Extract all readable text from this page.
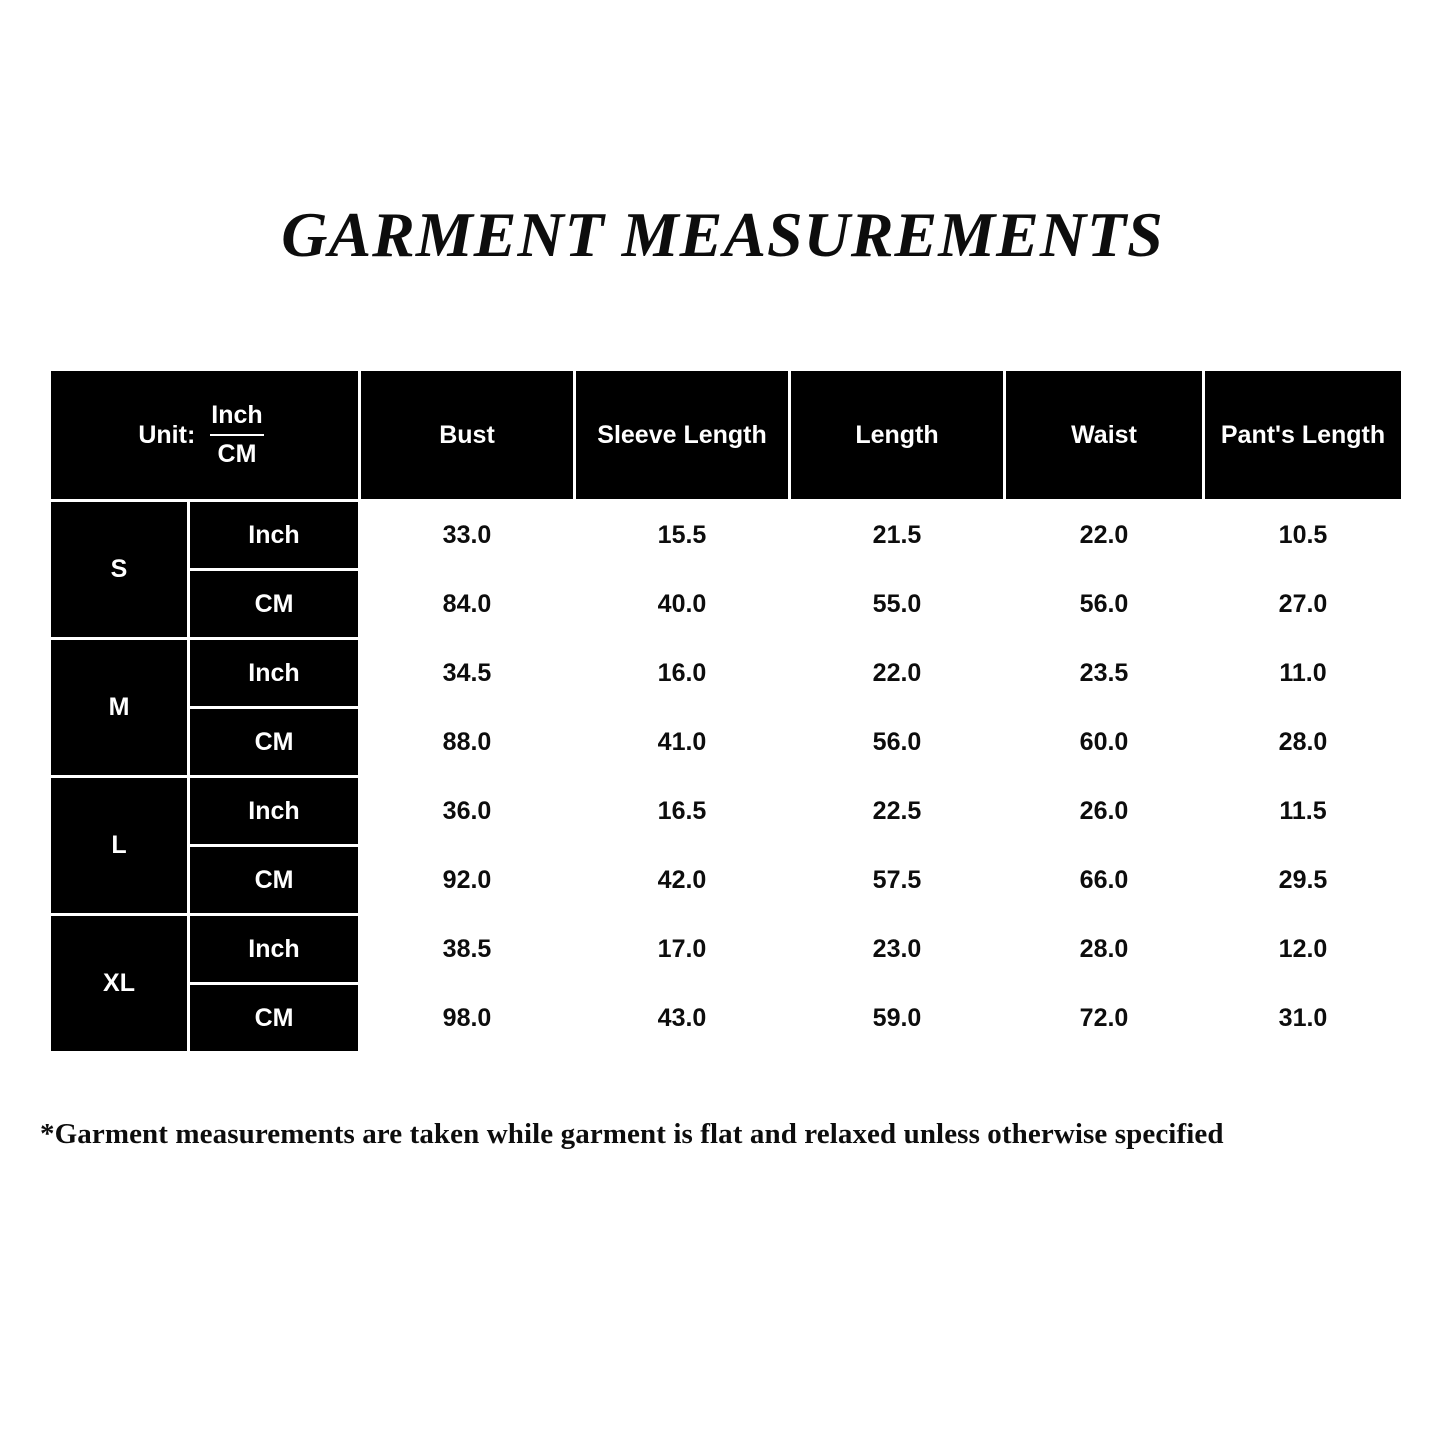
GARMENT MEASUREMENTS
Unit: $\frac{\text{Inch}}{CM}$		Bust	Sleeve Length	Length	Waist	Pant's Length
S	Inch	33.0	15.5	21.5	22.0	10.5
	CM	84.0	40.0	55.0	56.0	27.0
M	Inch	34.5	16.0	22.0	23.5	11.0
	CM	88.0	41.0	56.0	60.0	28.0
L	Inch	36.0	16.5	22.5	26.0	11.5
	CM	92.0	42.0	57.5	66.0	29.5
XL	Inch	38.5	17.0	23.0	28.0	12.0
	CM	98.0	43.0	59.0	72.0	31.0
*Garment measurements are taken while garment is flat and relaxed unless otherwise specified
